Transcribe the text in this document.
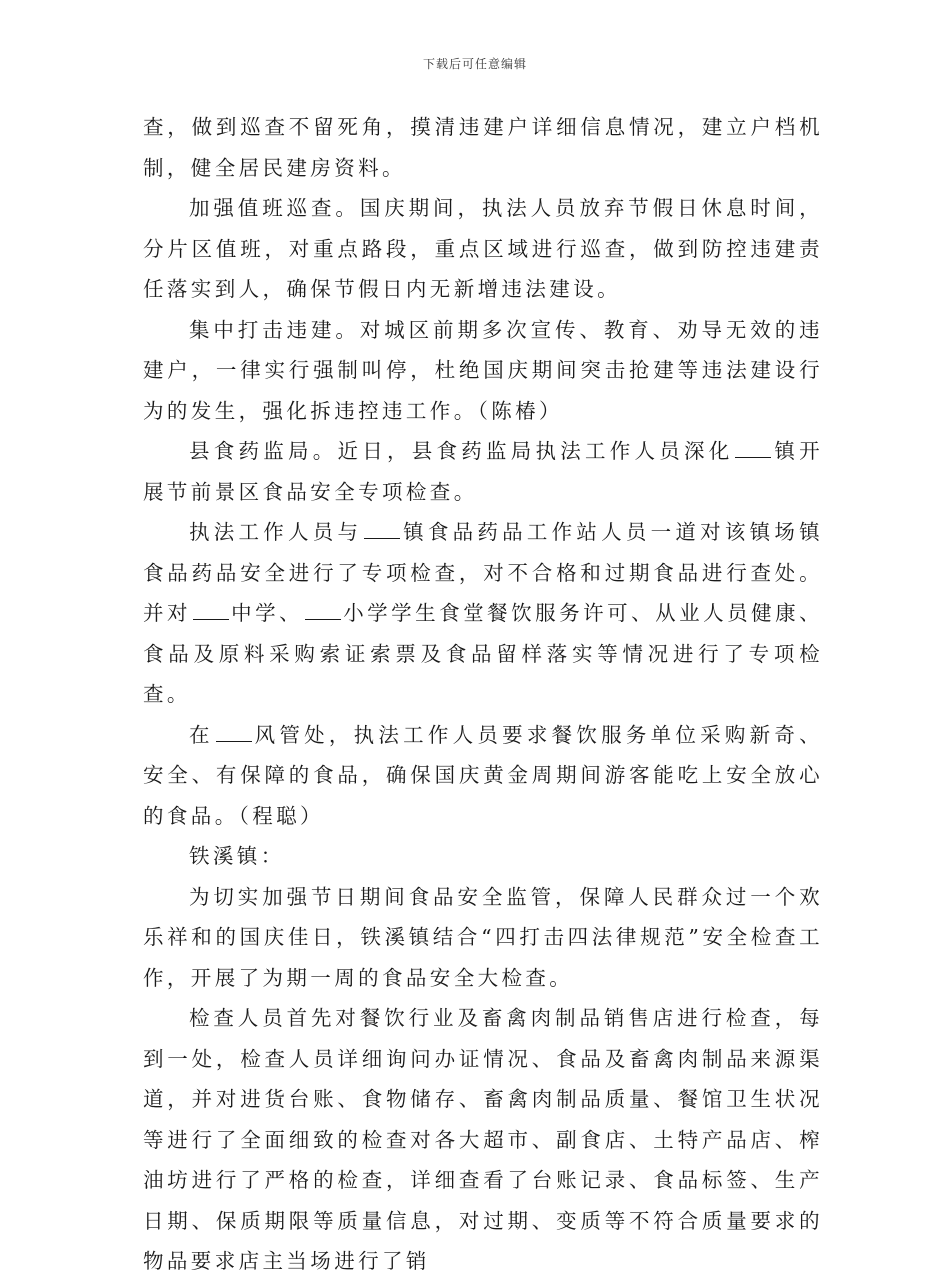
下载后可任意编辑

查，做到巡查不留死角，摸清违建户详细信息情况，建立户档机制，健全居民建房资料。

加强值班巡查。国庆期间，执法人员放弃节假日休息时间，分片区值班，对重点路段，重点区域进行巡查，做到防控违建责任落实到人，确保节假日内无新增违法建设。

集中打击违建。对城区前期多次宣传、教育、劝导无效的违建户，一律实行强制叫停，杜绝国庆期间突击抢建等违法建设行为的发生，强化拆违控违工作。（陈椿）

县食药监局。近日，县食药监局执法工作人员深化 镇开展节前景区食品安全专项检查。

执法工作人员与 镇食品药品工作站人员一道对该镇场镇食品药品安全进行了专项检查，对不合格和过期食品进行查处。并对 中学、 小学学生食堂餐饮服务许可、从业人员健康、食品及原料采购索证索票及食品留样落实等情况进行了专项检查。

在 风管处，执法工作人员要求餐饮服务单位采购新奇、安全、有保障的食品，确保国庆黄金周期间游客能吃上安全放心的食品。（程聪）

铁溪镇：

为切实加强节日期间食品安全监管，保障人民群众过一个欢乐祥和的国庆佳日，铁溪镇结合“四打击四法律规范”安全检查工作，开展了为期一周的食品安全大检查。

检查人员首先对餐饮行业及畜禽肉制品销售店进行检查，每到一处，检查人员详细询问办证情况、食品及畜禽肉制品来源渠道，并对进货台账、食物储存、畜禽肉制品质量、餐馆卫生状况等进行了全面细致的检查对各大超市、副食店、土特产品店、榨油坊进行了严格的检查，详细查看了台账记录、食品标签、生产日期、保质期限等质量信息，对过期、变质等不符合质量要求的物品要求店主当场进行了销
